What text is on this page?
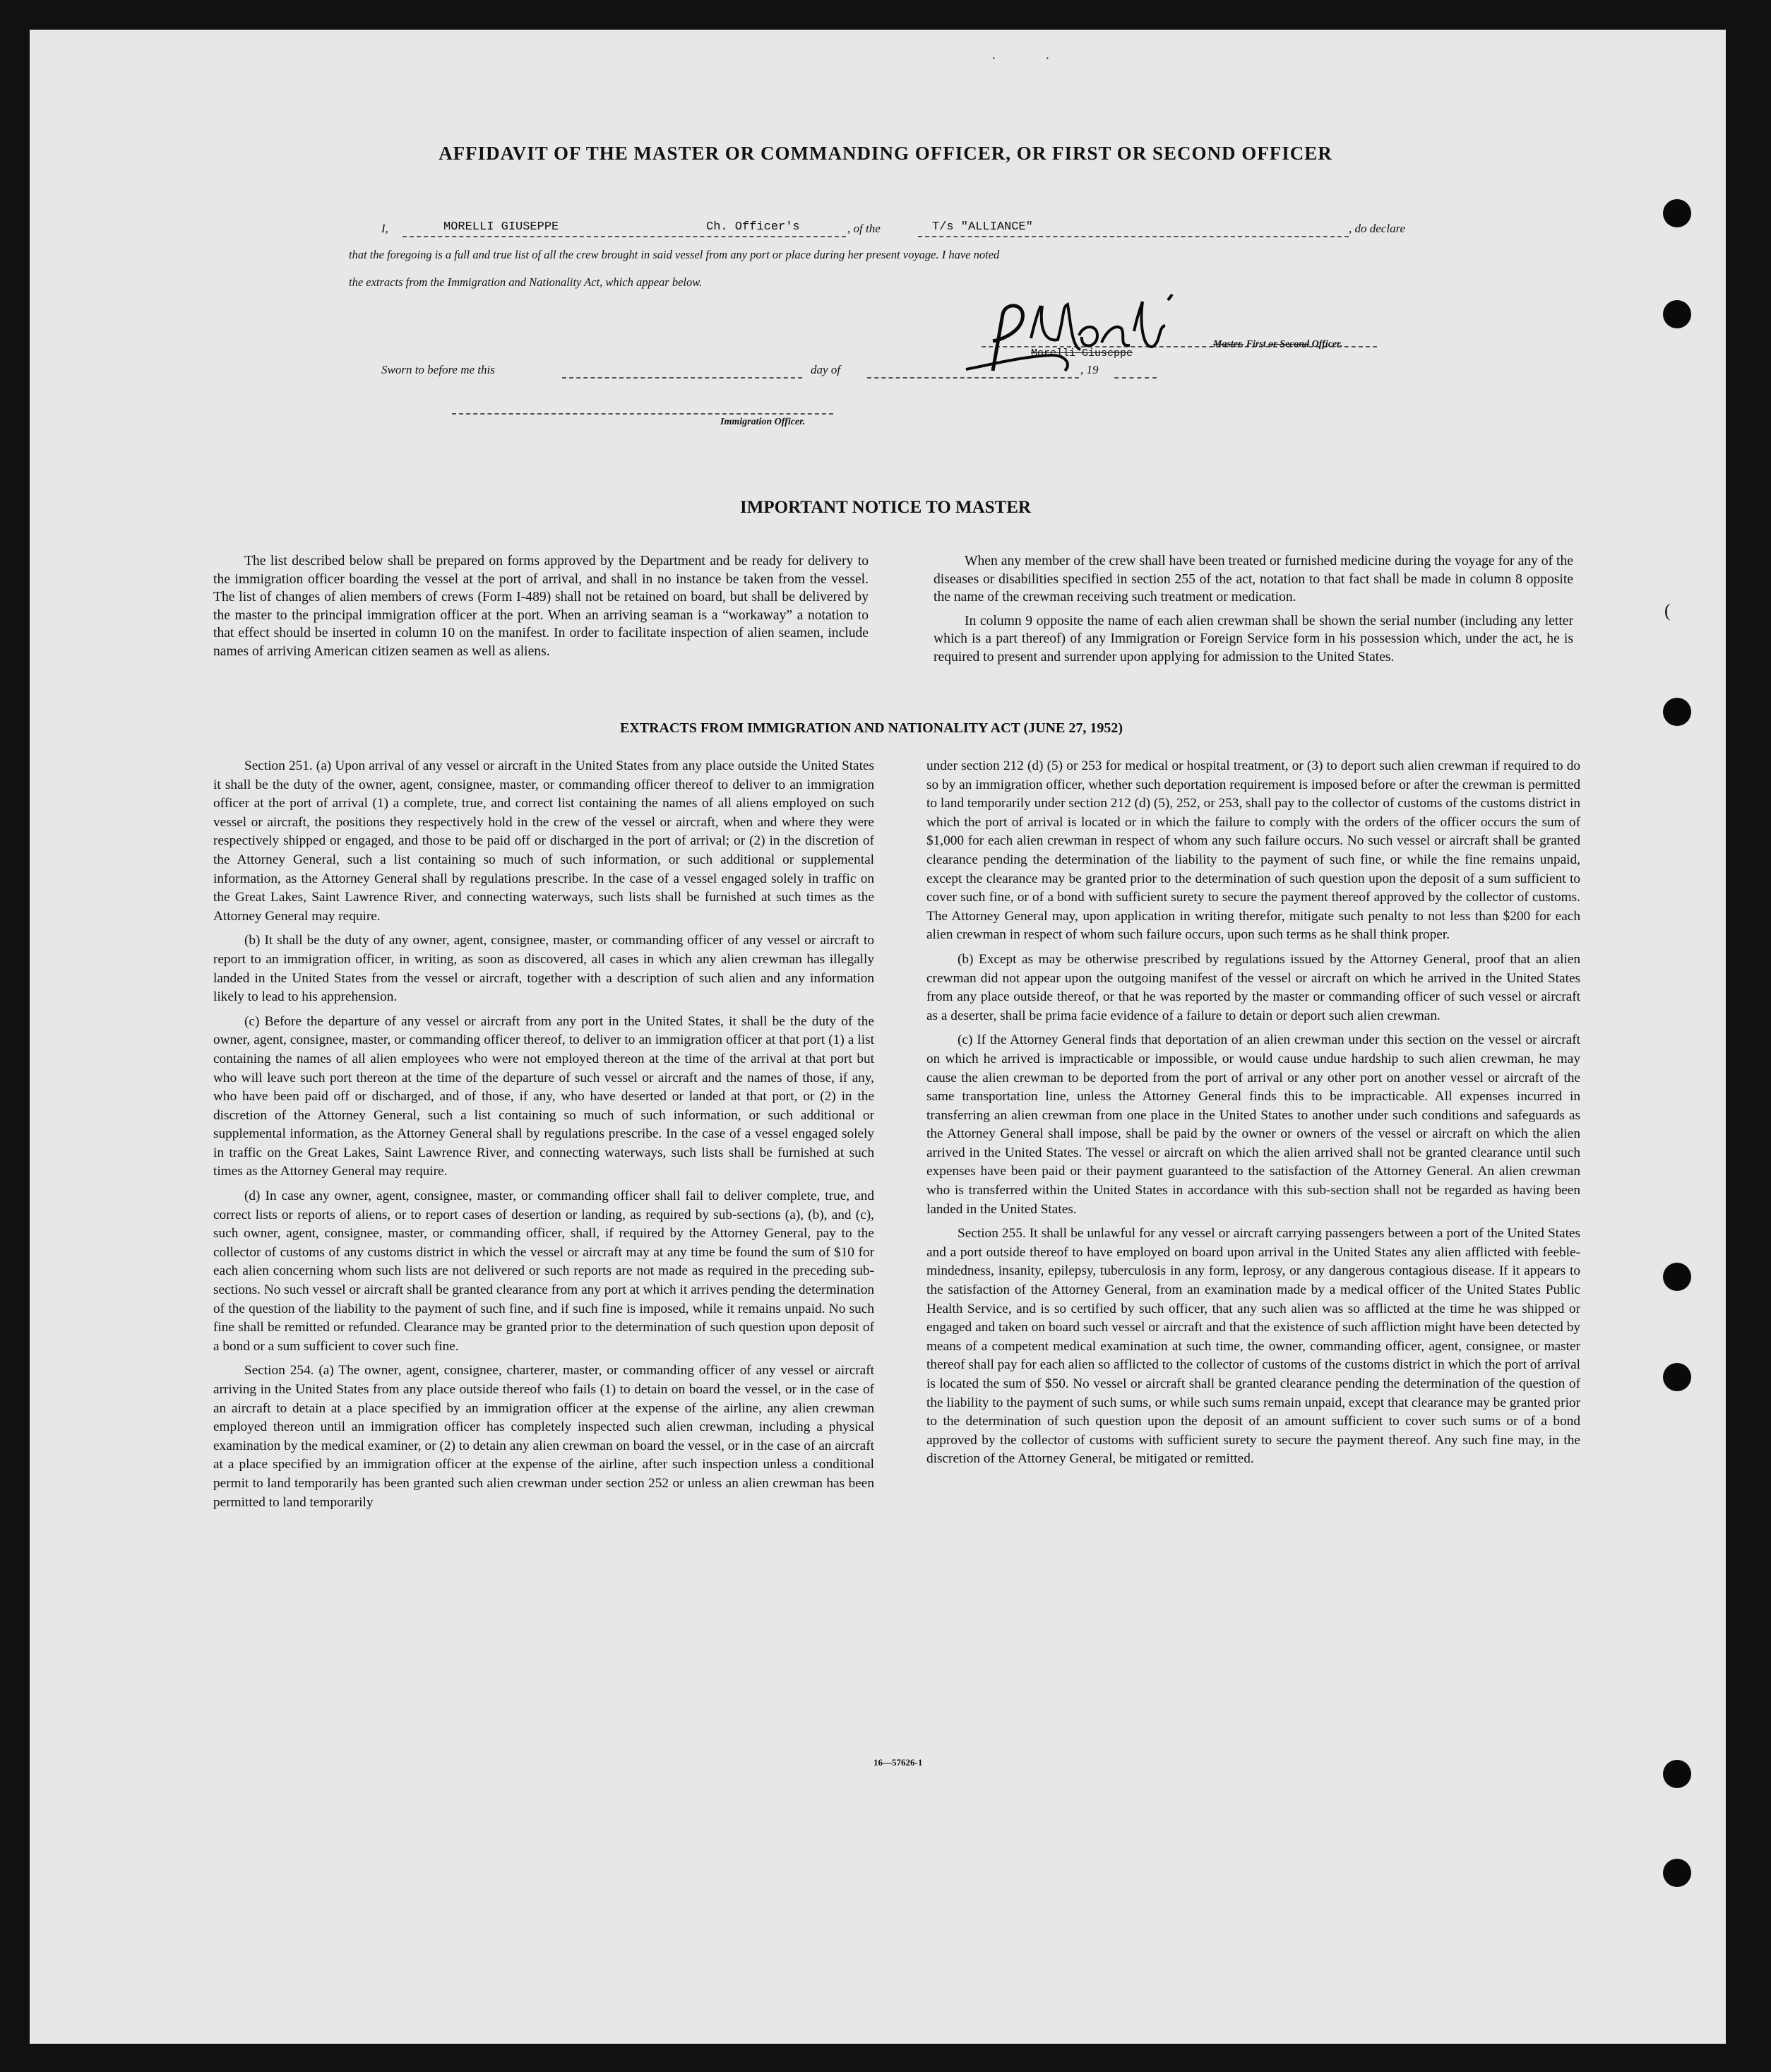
·	·
AFFIDAVIT OF THE MASTER OR COMMANDING OFFICER, OR FIRST OR SECOND OFFICER
I,	MORELLI GIUSEPPE	Ch. Officer's	, of the	T/s "ALLIANCE"	, do declare
that the foregoing is a full and true list of all the crew brought in said vessel from any port or place during her present voyage. I have noted
the extracts from the Immigration and Nationality Act, which appear below.
Sworn to before me this	day of	, 19
Morelli Giuseppe
Master. First or Second Officer.
Immigration Officer.
IMPORTANT NOTICE TO MASTER

The list described below shall be prepared on forms approved by the Department and be ready for delivery to the immigration officer boarding the vessel at the port of arrival, and shall in no instance be taken from the vessel. The list of changes of alien members of crews (Form I-489) shall not be retained on board, but shall be delivered by the master to the principal immigration officer at the port. When an arriving seaman is a “workaway” a notation to that effect should be inserted in column 10 on the manifest. In order to facilitate inspection of alien seamen, include names of arriving American citizen seamen as well as aliens.

When any member of the crew shall have been treated or furnished medicine during the voyage for any of the diseases or disabilities specified in section 255 of the act, notation to that fact shall be made in column 8 opposite the name of the crewman receiving such treatment or medication.

In column 9 opposite the name of each alien crewman shall be shown the serial number (including any letter which is a part thereof) of any Immigration or Foreign Service form in his possession which, under the act, he is required to present and surrender upon applying for admission to the United States.

(
EXTRACTS FROM IMMIGRATION AND NATIONALITY ACT (JUNE 27, 1952)

Section 251. (a) Upon arrival of any vessel or aircraft in the United States from any place outside the United States it shall be the duty of the owner, agent, consignee, master, or commanding officer thereof to deliver to an immigration officer at the port of arrival (1) a complete, true, and correct list containing the names of all aliens employed on such vessel or aircraft, the positions they respectively hold in the crew of the vessel or aircraft, when and where they were respectively shipped or engaged, and those to be paid off or discharged in the port of arrival; or (2) in the discretion of the Attorney General, such a list containing so much of such information, or such additional or supplemental information, as the Attorney General shall by regulations prescribe. In the case of a vessel engaged solely in traffic on the Great Lakes, Saint Lawrence River, and connecting waterways, such lists shall be furnished at such times as the Attorney General may require.

(b) It shall be the duty of any owner, agent, consignee, master, or commanding officer of any vessel or aircraft to report to an immigration officer, in writing, as soon as discovered, all cases in which any alien crewman has illegally landed in the United States from the vessel or aircraft, together with a description of such alien and any information likely to lead to his apprehension.

(c) Before the departure of any vessel or aircraft from any port in the United States, it shall be the duty of the owner, agent, consignee, master, or commanding officer thereof, to deliver to an immigration officer at that port (1) a list containing the names of all alien employees who were not employed thereon at the time of the arrival at that port but who will leave such port thereon at the time of the departure of such vessel or aircraft and the names of those, if any, who have been paid off or discharged, and of those, if any, who have deserted or landed at that port, or (2) in the discretion of the Attorney General, such a list containing so much of such information, or such additional or supplemental information, as the Attorney General shall by regulations prescribe. In the case of a vessel engaged solely in traffic on the Great Lakes, Saint Lawrence River, and connecting waterways, such lists shall be furnished at such times as the Attorney General may require.

(d) In case any owner, agent, consignee, master, or commanding officer shall fail to deliver complete, true, and correct lists or reports of aliens, or to report cases of desertion or landing, as required by sub-sections (a), (b), and (c), such owner, agent, consignee, master, or commanding officer, shall, if required by the Attorney General, pay to the collector of customs of any customs district in which the vessel or aircraft may at any time be found the sum of $10 for each alien concerning whom such lists are not delivered or such reports are not made as required in the preceding sub-sections. No such vessel or aircraft shall be granted clearance from any port at which it arrives pending the determination of the question of the liability to the payment of such fine, and if such fine is imposed, while it remains unpaid. No such fine shall be remitted or refunded. Clearance may be granted prior to the determination of such question upon deposit of a bond or a sum sufficient to cover such fine.

Section 254. (a) The owner, agent, consignee, charterer, master, or commanding officer of any vessel or aircraft arriving in the United States from any place outside thereof who fails (1) to detain on board the vessel, or in the case of an aircraft to detain at a place specified by an immigration officer at the expense of the airline, any alien crewman employed thereon until an immigration officer has completely inspected such alien crewman, including a physical examination by the medical examiner, or (2) to detain any alien crewman on board the vessel, or in the case of an aircraft at a place specified by an immigration officer at the expense of the airline, after such inspection unless a conditional permit to land temporarily has been granted such alien crewman under section 252 or unless an alien crewman has been permitted to land temporarily

under section 212 (d) (5) or 253 for medical or hospital treatment, or (3) to deport such alien crewman if required to do so by an immigration officer, whether such deportation requirement is imposed before or after the crewman is permitted to land temporarily under section 212 (d) (5), 252, or 253, shall pay to the collector of customs of the customs district in which the port of arrival is located or in which the failure to comply with the orders of the officer occurs the sum of $1,000 for each alien crewman in respect of whom any such failure occurs. No such vessel or aircraft shall be granted clearance pending the determination of the liability to the payment of such fine, or while the fine remains unpaid, except the clearance may be granted prior to the determination of such question upon the deposit of a sum sufficient to cover such fine, or of a bond with sufficient surety to secure the payment thereof approved by the collector of customs. The Attorney General may, upon application in writing therefor, mitigate such penalty to not less than $200 for each alien crewman in respect of whom such failure occurs, upon such terms as he shall think proper.

(b) Except as may be otherwise prescribed by regulations issued by the Attorney General, proof that an alien crewman did not appear upon the outgoing manifest of the vessel or aircraft on which he arrived in the United States from any place outside thereof, or that he was reported by the master or commanding officer of such vessel or aircraft as a deserter, shall be prima facie evidence of a failure to detain or deport such alien crewman.

(c) If the Attorney General finds that deportation of an alien crewman under this section on the vessel or aircraft on which he arrived is impracticable or impossible, or would cause undue hardship to such alien crewman, he may cause the alien crewman to be deported from the port of arrival or any other port on another vessel or aircraft of the same transportation line, unless the Attorney General finds this to be impracticable. All expenses incurred in transferring an alien crewman from one place in the United States to another under such conditions and safeguards as the Attorney General shall impose, shall be paid by the owner or owners of the vessel or aircraft on which the alien arrived in the United States. The vessel or aircraft on which the alien arrived shall not be granted clearance until such expenses have been paid or their payment guaranteed to the satisfaction of the Attorney General. An alien crewman who is transferred within the United States in accordance with this sub-section shall not be regarded as having been landed in the United States.

Section 255. It shall be unlawful for any vessel or aircraft carrying passengers between a port of the United States and a port outside thereof to have employed on board upon arrival in the United States any alien afflicted with feeble-mindedness, insanity, epilepsy, tuberculosis in any form, leprosy, or any dangerous contagious disease. If it appears to the satisfaction of the Attorney General, from an examination made by a medical officer of the United States Public Health Service, and is so certified by such officer, that any such alien was so afflicted at the time he was shipped or engaged and taken on board such vessel or aircraft and that the existence of such affliction might have been detected by means of a competent medical examination at such time, the owner, commanding officer, agent, consignee, or master thereof shall pay for each alien so afflicted to the collector of customs of the customs district in which the port of arrival is located the sum of $50. No vessel or aircraft shall be granted clearance pending the determination of the question of the liability to the payment of such sums, or while such sums remain unpaid, except that clearance may be granted prior to the determination of such question upon the deposit of an amount sufficient to cover such sums or of a bond approved by the collector of customs with sufficient surety to secure the payment thereof. Any such fine may, in the discretion of the Attorney General, be mitigated or remitted.

16—57626-1
